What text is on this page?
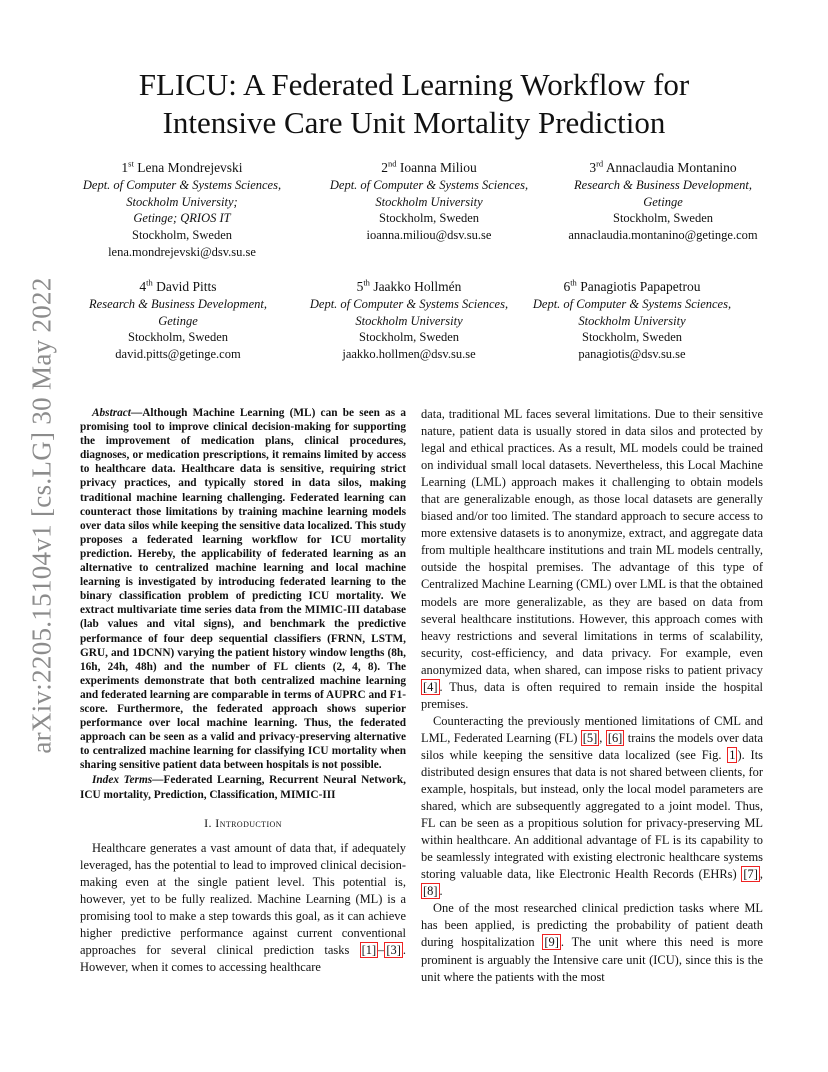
arXiv:2205.15104v1 [cs.LG] 30 May 2022
FLICU: A Federated Learning Workflow for
Intensive Care Unit Mortality Prediction
1st Lena Mondrejevski
Dept. of Computer & Systems Sciences,
Stockholm University;
Getinge; QRIOS IT
Stockholm, Sweden
lena.mondrejevski@dsv.su.se
2nd Ioanna Miliou
Dept. of Computer & Systems Sciences,
Stockholm University
Stockholm, Sweden
ioanna.miliou@dsv.su.se
3rd Annaclaudia Montanino
Research & Business Development,
Getinge
Stockholm, Sweden
annaclaudia.montanino@getinge.com
4th David Pitts
Research & Business Development,
Getinge
Stockholm, Sweden
david.pitts@getinge.com
5th Jaakko Hollmén
Dept. of Computer & Systems Sciences,
Stockholm University
Stockholm, Sweden
jaakko.hollmen@dsv.su.se
6th Panagiotis Papapetrou
Dept. of Computer & Systems Sciences,
Stockholm University
Stockholm, Sweden
panagiotis@dsv.su.se

Abstract—Although Machine Learning (ML) can be seen as a promising tool to improve clinical decision-making for supporting the improvement of medication plans, clinical procedures, diagnoses, or medication prescriptions, it remains limited by access to healthcare data. Healthcare data is sensitive, requiring strict privacy practices, and typically stored in data silos, making traditional machine learning challenging. Federated learning can counteract those limitations by training machine learning models over data silos while keeping the sensitive data localized. This study proposes a federated learning workflow for ICU mortality prediction. Hereby, the applicability of federated learning as an alternative to centralized machine learning and local machine learning is investigated by introducing federated learning to the binary classification problem of predicting ICU mortality. We extract multivariate time series data from the MIMIC-III database (lab values and vital signs), and benchmark the predictive performance of four deep sequential classifiers (FRNN, LSTM, GRU, and 1DCNN) varying the patient history window lengths (8h, 16h, 24h, 48h) and the number of FL clients (2, 4, 8). The experiments demonstrate that both centralized machine learning and federated learning are comparable in terms of AUPRC and F1-score. Furthermore, the federated approach shows superior performance over local machine learning. Thus, the federated approach can be seen as a valid and privacy-preserving alternative to centralized machine learning for classifying ICU mortality when sharing sensitive patient data between hospitals is not possible.

Index Terms—Federated Learning, Recurrent Neural Network, ICU mortality, Prediction, Classification, MIMIC-III

I. Introduction

Healthcare generates a vast amount of data that, if adequately leveraged, has the potential to lead to improved clinical decision-making even at the single patient level. This potential is, however, yet to be fully realized. Machine Learning (ML) is a promising tool to make a step towards this goal, as it can achieve higher predictive performance against current conventional approaches for several clinical prediction tasks [1] – [3] . However, when it comes to accessing healthcare

data, traditional ML faces several limitations. Due to their sensitive nature, patient data is usually stored in data silos and protected by legal and ethical practices. As a result, ML models could be trained on individual small local datasets. Nevertheless, this Local Machine Learning (LML) approach makes it challenging to obtain models that are generalizable enough, as those local datasets are generally biased and/or too limited. The standard approach to secure access to more extensive datasets is to anonymize, extract, and aggregate data from multiple healthcare institutions and train ML models centrally, outside the hospital premises. The advantage of this type of Centralized Machine Learning (CML) over LML is that the obtained models are more generalizable, as they are based on data from several healthcare institutions. However, this approach comes with heavy restrictions and several limitations in terms of scalability, security, cost-efficiency, and data privacy. For example, even anonymized data, when shared, can impose risks to patient privacy [4] . Thus, data is often required to remain inside the hospital premises.

Counteracting the previously mentioned limitations of CML and LML, Federated Learning (FL) [5] , [6] trains the models over data silos while keeping the sensitive data localized (see Fig. 1 ). Its distributed design ensures that data is not shared between clients, for example, hospitals, but instead, only the local model parameters are shared, which are subsequently aggregated to a joint model. Thus, FL can be seen as a propitious solution for privacy-preserving ML within healthcare. An additional advantage of FL is its capability to be seamlessly integrated with existing electronic healthcare systems storing valuable data, like Electronic Health Records (EHRs) [7] , [8] .

One of the most researched clinical prediction tasks where ML has been applied, is predicting the probability of patient death during hospitalization [9] . The unit where this need is more prominent is arguably the Intensive care unit (ICU), since this is the unit where the patients with the most
